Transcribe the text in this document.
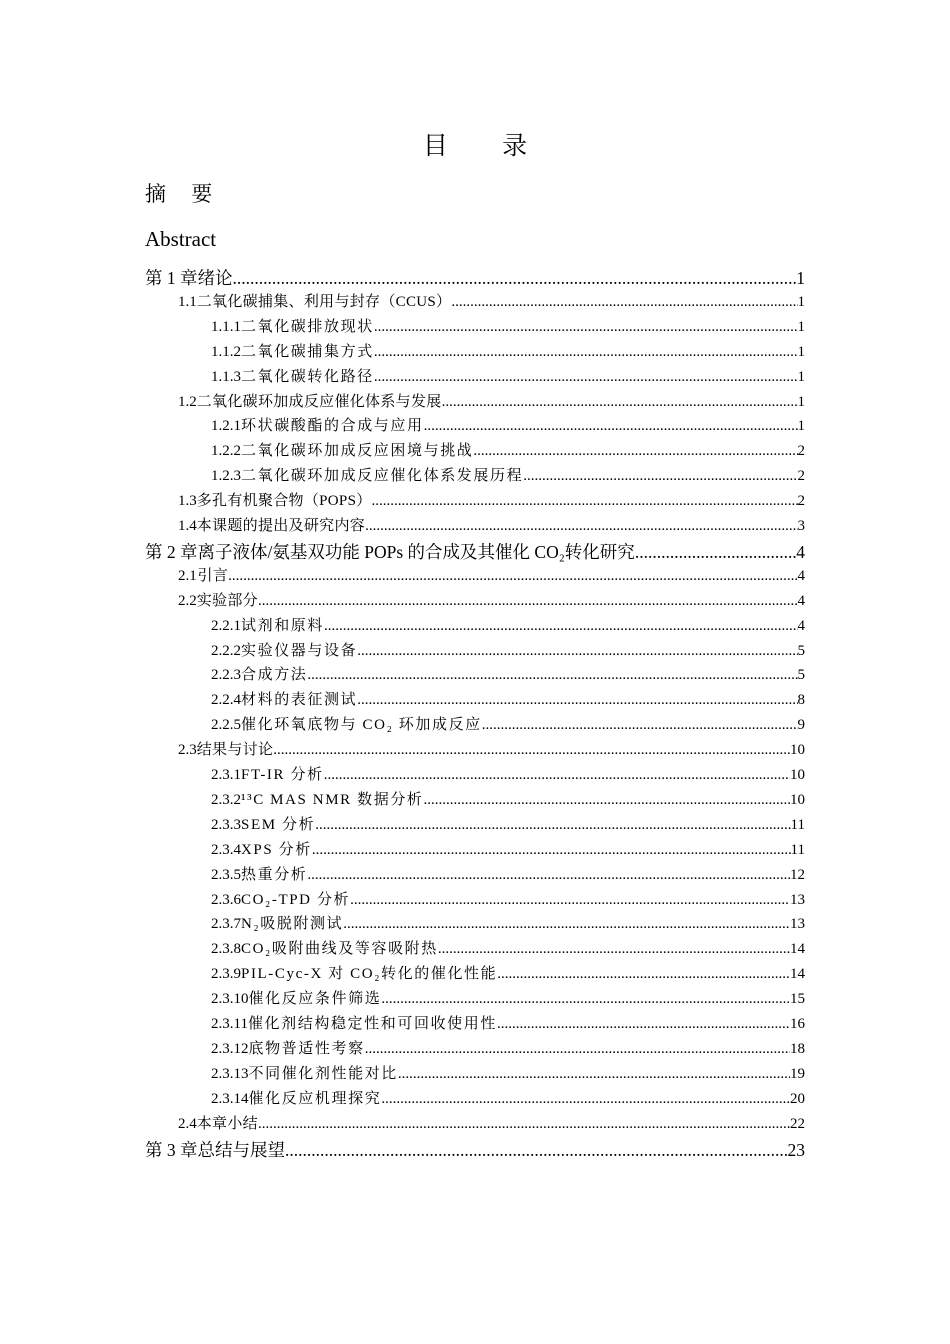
目 录
摘 要
Abstract
第 1 章 绪论 .....	1
1.1 二氧化碳捕集、利用与封存（CCUS） .....	1
1.1.1 二氧化碳排放现状 .....	1
1.1.2 二氧化碳捕集方式 .....	1
1.1.3 二氧化碳转化路径 .....	1
1.2 二氧化碳环加成反应催化体系与发展 .....	1
1.2.1 环状碳酸酯的合成与应用 .....	1
1.2.2 二氧化碳环加成反应困境与挑战 .....	2
1.2.3 二氧化碳环加成反应催化体系发展历程 .....	2
1.3 多孔有机聚合物（POPS） .....	2
1.4 本课题的提出及研究内容 .....	3
第 2 章 离子液体/氨基双功能 POPs 的合成及其催化 CO₂转化研究 .....	4
2.1 引言 .....	4
2.2 实验部分 .....	4
2.2.1 试剂和原料 .....	4
2.2.2 实验仪器与设备 .....	5
2.2.3 合成方法 .....	5
2.2.4 材料的表征测试 .....	8
2.2.5 催化环氧底物与 CO₂ 环加成反应 .....	9
2.3 结果与讨论 .....	10
2.3.1 FT-IR 分析 .....	10
2.3.2 ¹³C MAS NMR 数据分析 .....	10
2.3.3 SEM 分析 .....	11
2.3.4 XPS 分析 .....	11
2.3.5 热重分析 .....	12
2.3.6 CO₂-TPD 分析 .....	13
2.3.7 N₂吸脱附测试 .....	13
2.3.8 CO₂吸附曲线及等容吸附热 .....	14
2.3.9 PIL-Cyc-X 对 CO₂转化的催化性能 .....	14
2.3.10 催化反应条件筛选 .....	15
2.3.11 催化剂结构稳定性和可回收使用性 .....	16
2.3.12 底物普适性考察 .....	18
2.3.13 不同催化剂性能对比 .....	19
2.3.14 催化反应机理探究 .....	20
2.4 本章小结 .....	22
第 3 章 总结与展望 .....	23
